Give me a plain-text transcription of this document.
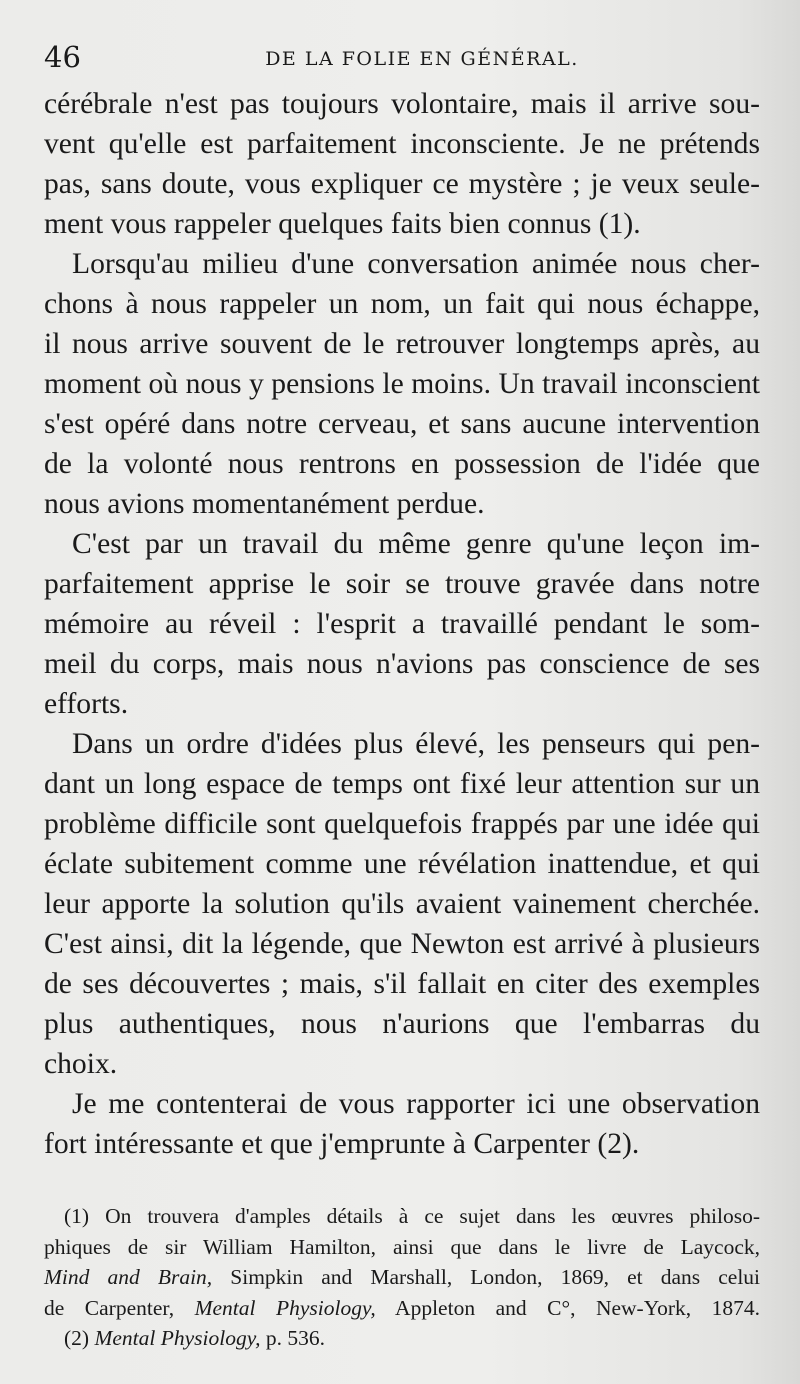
46	DE LA FOLIE EN GÉNÉRAL.
cérébrale n'est pas toujours volontaire, mais il arrive sou-
vent qu'elle est parfaitement inconsciente. Je ne prétends
pas, sans doute, vous expliquer ce mystère ; je veux seule-
ment vous rappeler quelques faits bien connus (1).
Lorsqu'au milieu d'une conversation animée nous cher-
chons à nous rappeler un nom, un fait qui nous échappe,
il nous arrive souvent de le retrouver longtemps après, au
moment où nous y pensions le moins. Un travail inconscient
s'est opéré dans notre cerveau, et sans aucune intervention
de la volonté nous rentrons en possession de l'idée que
nous avions momentanément perdue.
C'est par un travail du même genre qu'une leçon im-
parfaitement apprise le soir se trouve gravée dans notre
mémoire au réveil : l'esprit a travaillé pendant le som-
meil du corps, mais nous n'avions pas conscience de ses
efforts.
Dans un ordre d'idées plus élevé, les penseurs qui pen-
dant un long espace de temps ont fixé leur attention sur un
problème difficile sont quelquefois frappés par une idée qui
éclate subitement comme une révélation inattendue, et qui
leur apporte la solution qu'ils avaient vainement cherchée.
C'est ainsi, dit la légende, que Newton est arrivé à plusieurs
de ses découvertes ; mais, s'il fallait en citer des exemples
plus authentiques, nous n'aurions que l'embarras du
choix.
Je me contenterai de vous rapporter ici une observation
fort intéressante et que j'emprunte à Carpenter (2).
(1) On trouvera d'amples détails à ce sujet dans les œuvres philoso-
phiques de sir William Hamilton, ainsi que dans le livre de Laycock,
Mind and Brain, Simpkin and Marshall, London, 1869, et dans celui
de Carpenter, Mental Physiology, Appleton and C°, New-York, 1874.
(2) Mental Physiology, p. 536.
